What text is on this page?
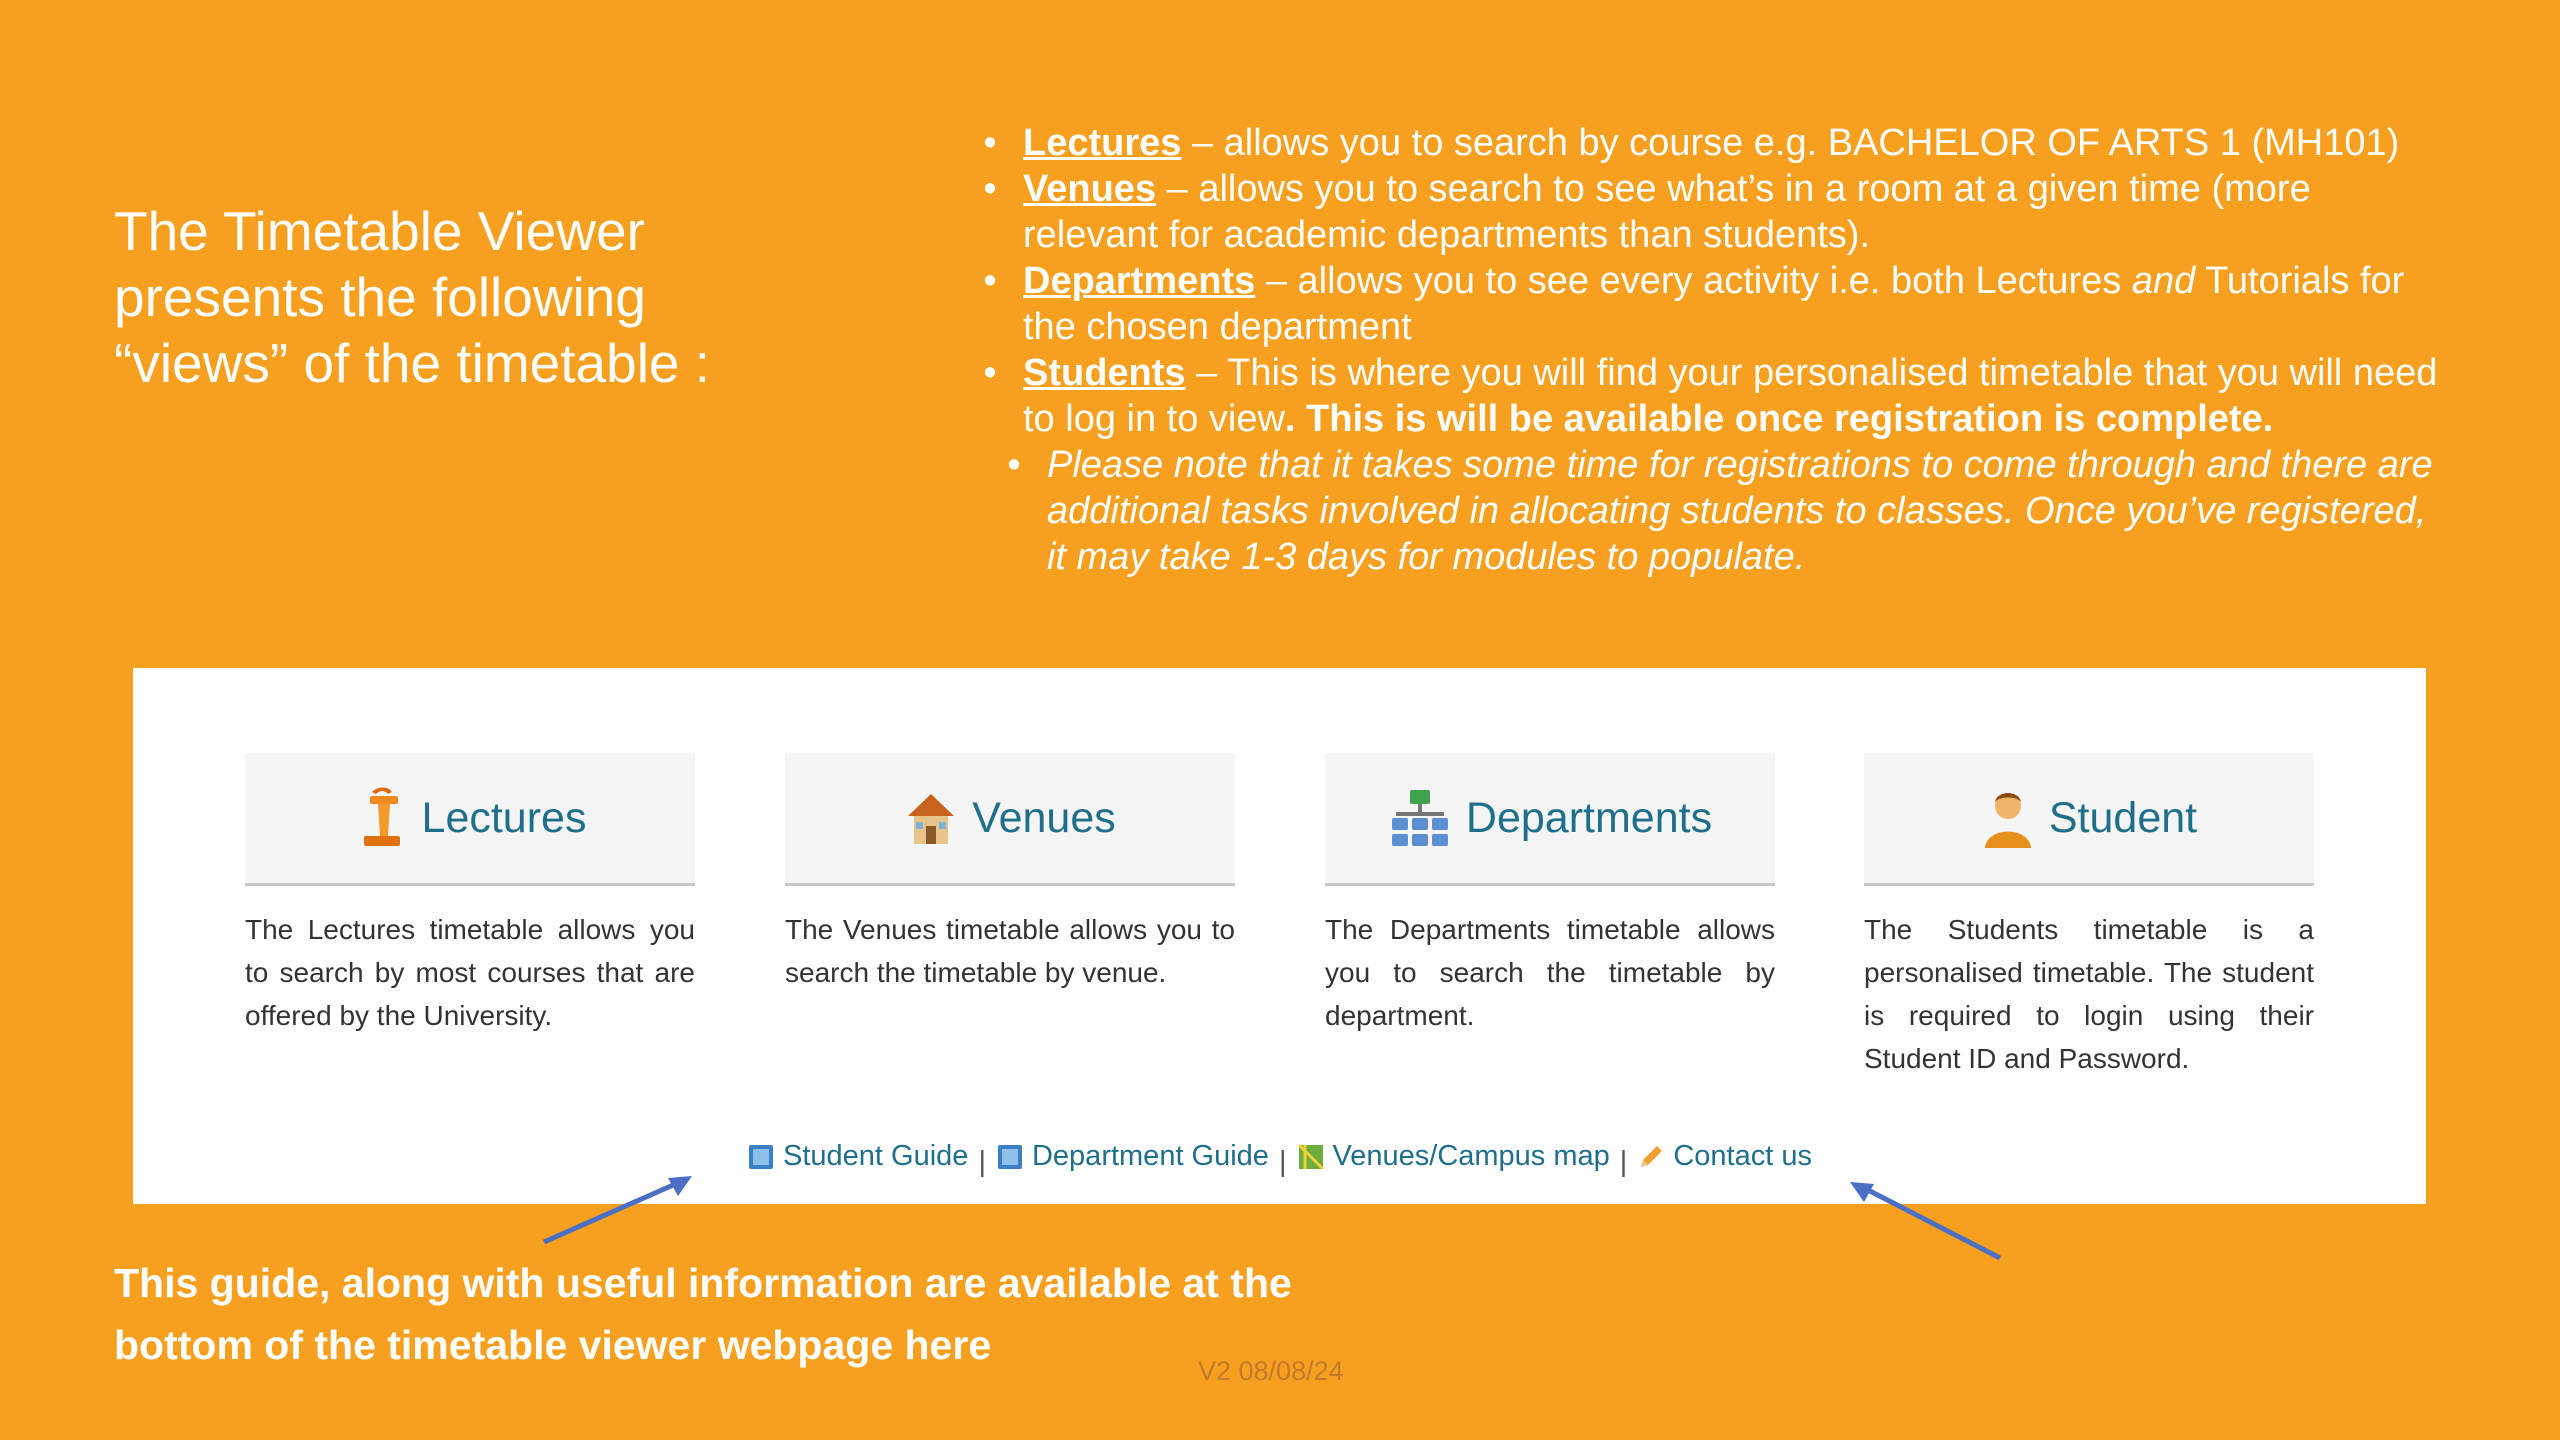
The Timetable Viewer
presents the following
“views” of the timetable :
• Lectures – allows you to search by course e.g. BACHELOR OF ARTS 1 (MH101)
• Venues – allows you to search to see what’s in a room at a given time (more relevant for academic departments than students).
• Departments – allows you to see every activity i.e. both Lectures and Tutorials for the chosen department
• Students – This is where you will find your personalised timetable that you will need to log in to view. This is will be available once registration is complete.
• Please note that it takes some time for registrations to come through and there are additional tasks involved in allocating students to classes. Once you’ve registered, it may take 1-3 days for modules to populate.
Lectures
The Lectures timetable allows you to search by most courses that are offered by the University.
Venues
The Venues timetable allows you to search the timetable by venue.
Departments
The Departments timetable allows you to search the timetable by department.
Student
The Students timetable is a personalised timetable. The student is required to login using their Student ID and Password.
Student Guide | Department Guide | Venues/Campus map | Contact us

This guide, along with useful information are available at the
bottom of the timetable viewer webpage here

V2 08/08/24
